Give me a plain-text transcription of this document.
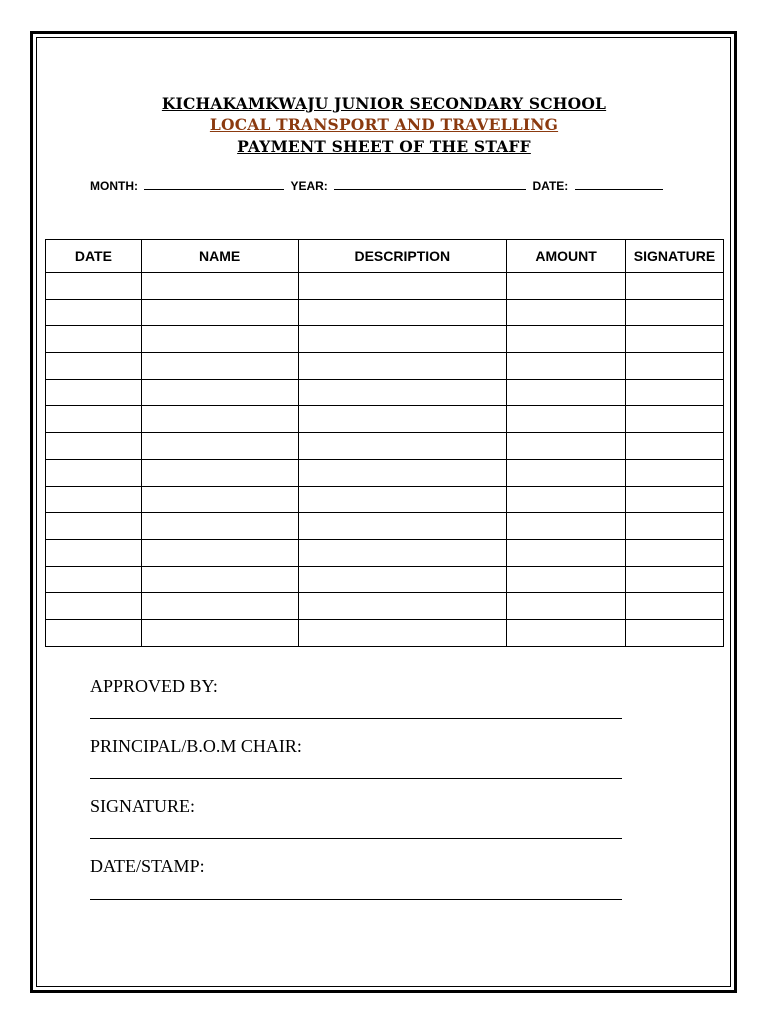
KICHAKAMKWAJU JUNIOR SECONDARY SCHOOL
LOCAL TRANSPORT AND TRAVELLING
PAYMENT SHEET OF THE STAFF
MONTH:	YEAR:	DATE:
DATE	NAME	DESCRIPTION	AMOUNT	SIGNATURE

APPROVED BY:
PRINCIPAL/B.O.M CHAIR:
SIGNATURE:
DATE/STAMP:
